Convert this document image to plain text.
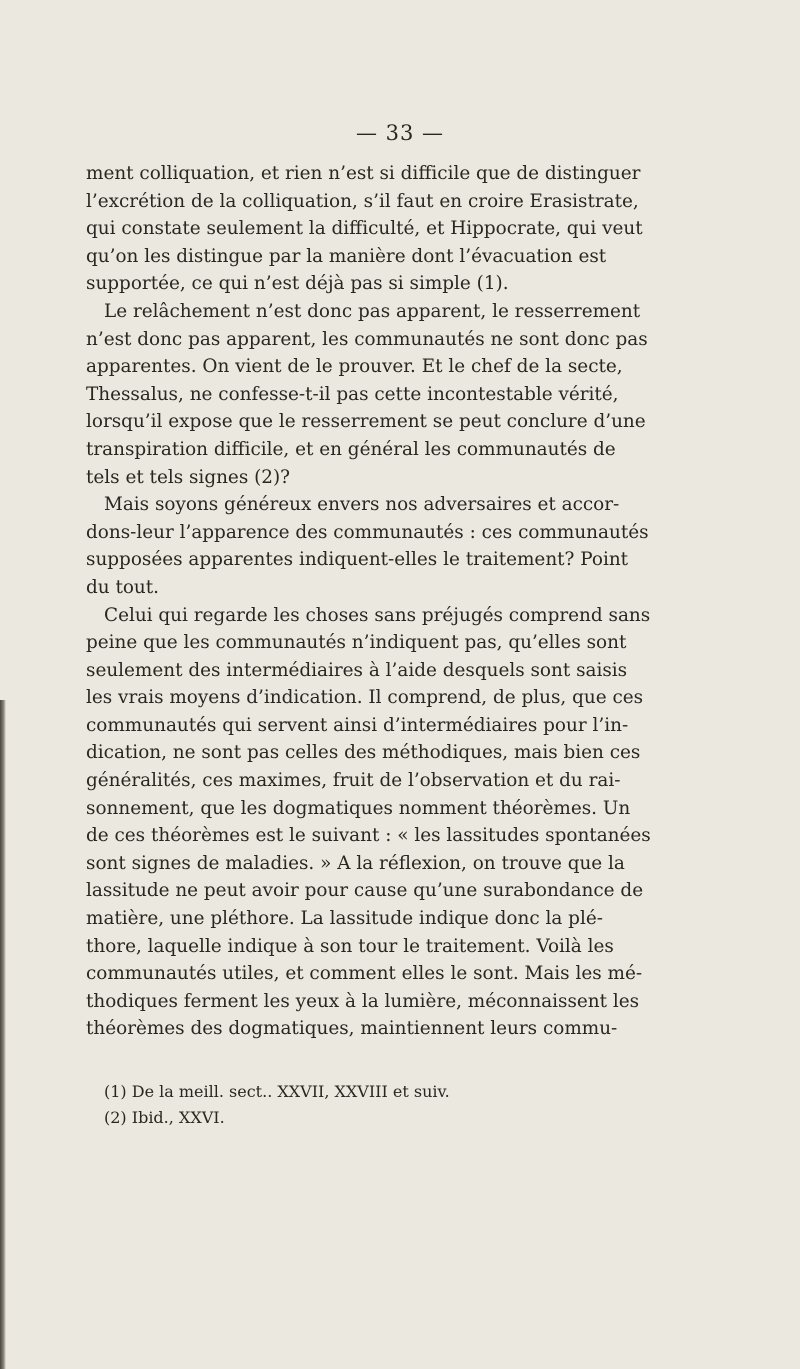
— 33 —

ment colliquation, et rien n’est si difficile que de distinguer
l’excrétion de la colliquation, s’il faut en croire Erasistrate,
qui constate seulement la difficulté, et Hippocrate, qui veut
qu’on les distingue par la manière dont l’évacuation est
supportée, ce qui n’est déjà pas si simple (1).

Le relâchement n’est donc pas apparent, le resserrement
n’est donc pas apparent, les communautés ne sont donc pas
apparentes. On vient de le prouver. Et le chef de la secte,
Thessalus, ne confesse-t-il pas cette incontestable vérité,
lorsqu’il expose que le resserrement se peut conclure d’une
transpiration difficile, et en général les communautés de
tels et tels signes (2)?

Mais soyons généreux envers nos adversaires et accor-
dons-leur l’apparence des communautés : ces communautés
supposées apparentes indiquent-elles le traitement? Point
du tout.

Celui qui regarde les choses sans préjugés comprend sans
peine que les communautés n’indiquent pas, qu’elles sont
seulement des intermédiaires à l’aide desquels sont saisis
les vrais moyens d’indication. Il comprend, de plus, que ces
communautés qui servent ainsi d’intermédiaires pour l’in-
dication, ne sont pas celles des méthodiques, mais bien ces
généralités, ces maximes, fruit de l’observation et du rai-
sonnement, que les dogmatiques nomment théorèmes. Un
de ces théorèmes est le suivant : « les lassitudes spontanées
sont signes de maladies. » A la réflexion, on trouve que la
lassitude ne peut avoir pour cause qu’une surabondance de
matière, une pléthore. La lassitude indique donc la plé-
thore, laquelle indique à son tour le traitement. Voilà les
communautés utiles, et comment elles le sont. Mais les mé-
thodiques ferment les yeux à la lumière, méconnaissent les
théorèmes des dogmatiques, maintiennent leurs commu-

(1) De la meill. sect.. XXVII, XXVIII et suiv.
(2) Ibid., XXVI.
